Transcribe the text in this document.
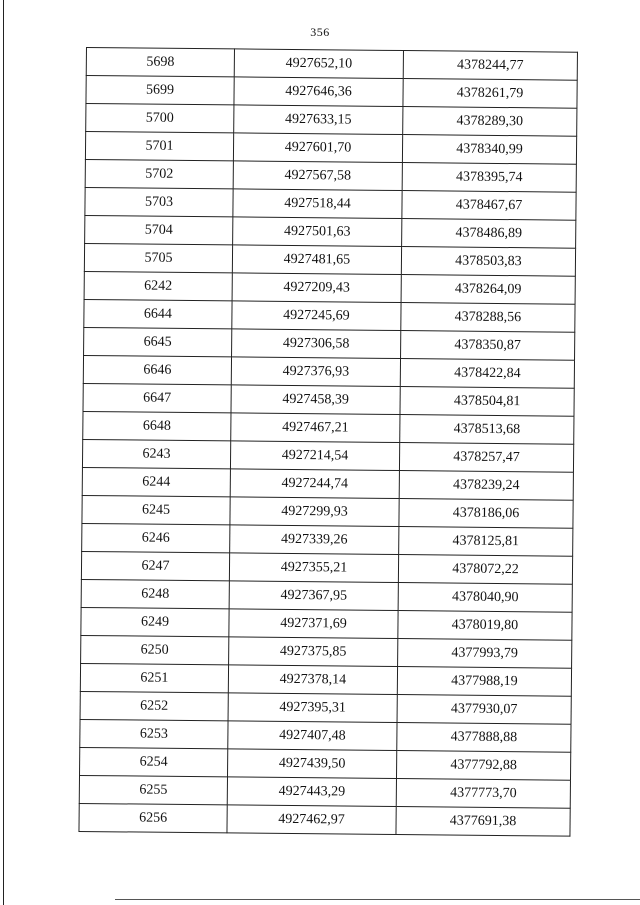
356
5698	4927652,10	4378244,77
5699	4927646,36	4378261,79
5700	4927633,15	4378289,30
5701	4927601,70	4378340,99
5702	4927567,58	4378395,74
5703	4927518,44	4378467,67
5704	4927501,63	4378486,89
5705	4927481,65	4378503,83
6242	4927209,43	4378264,09
6644	4927245,69	4378288,56
6645	4927306,58	4378350,87
6646	4927376,93	4378422,84
6647	4927458,39	4378504,81
6648	4927467,21	4378513,68
6243	4927214,54	4378257,47
6244	4927244,74	4378239,24
6245	4927299,93	4378186,06
6246	4927339,26	4378125,81
6247	4927355,21	4378072,22
6248	4927367,95	4378040,90
6249	4927371,69	4378019,80
6250	4927375,85	4377993,79
6251	4927378,14	4377988,19
6252	4927395,31	4377930,07
6253	4927407,48	4377888,88
6254	4927439,50	4377792,88
6255	4927443,29	4377773,70
6256	4927462,97	4377691,38
